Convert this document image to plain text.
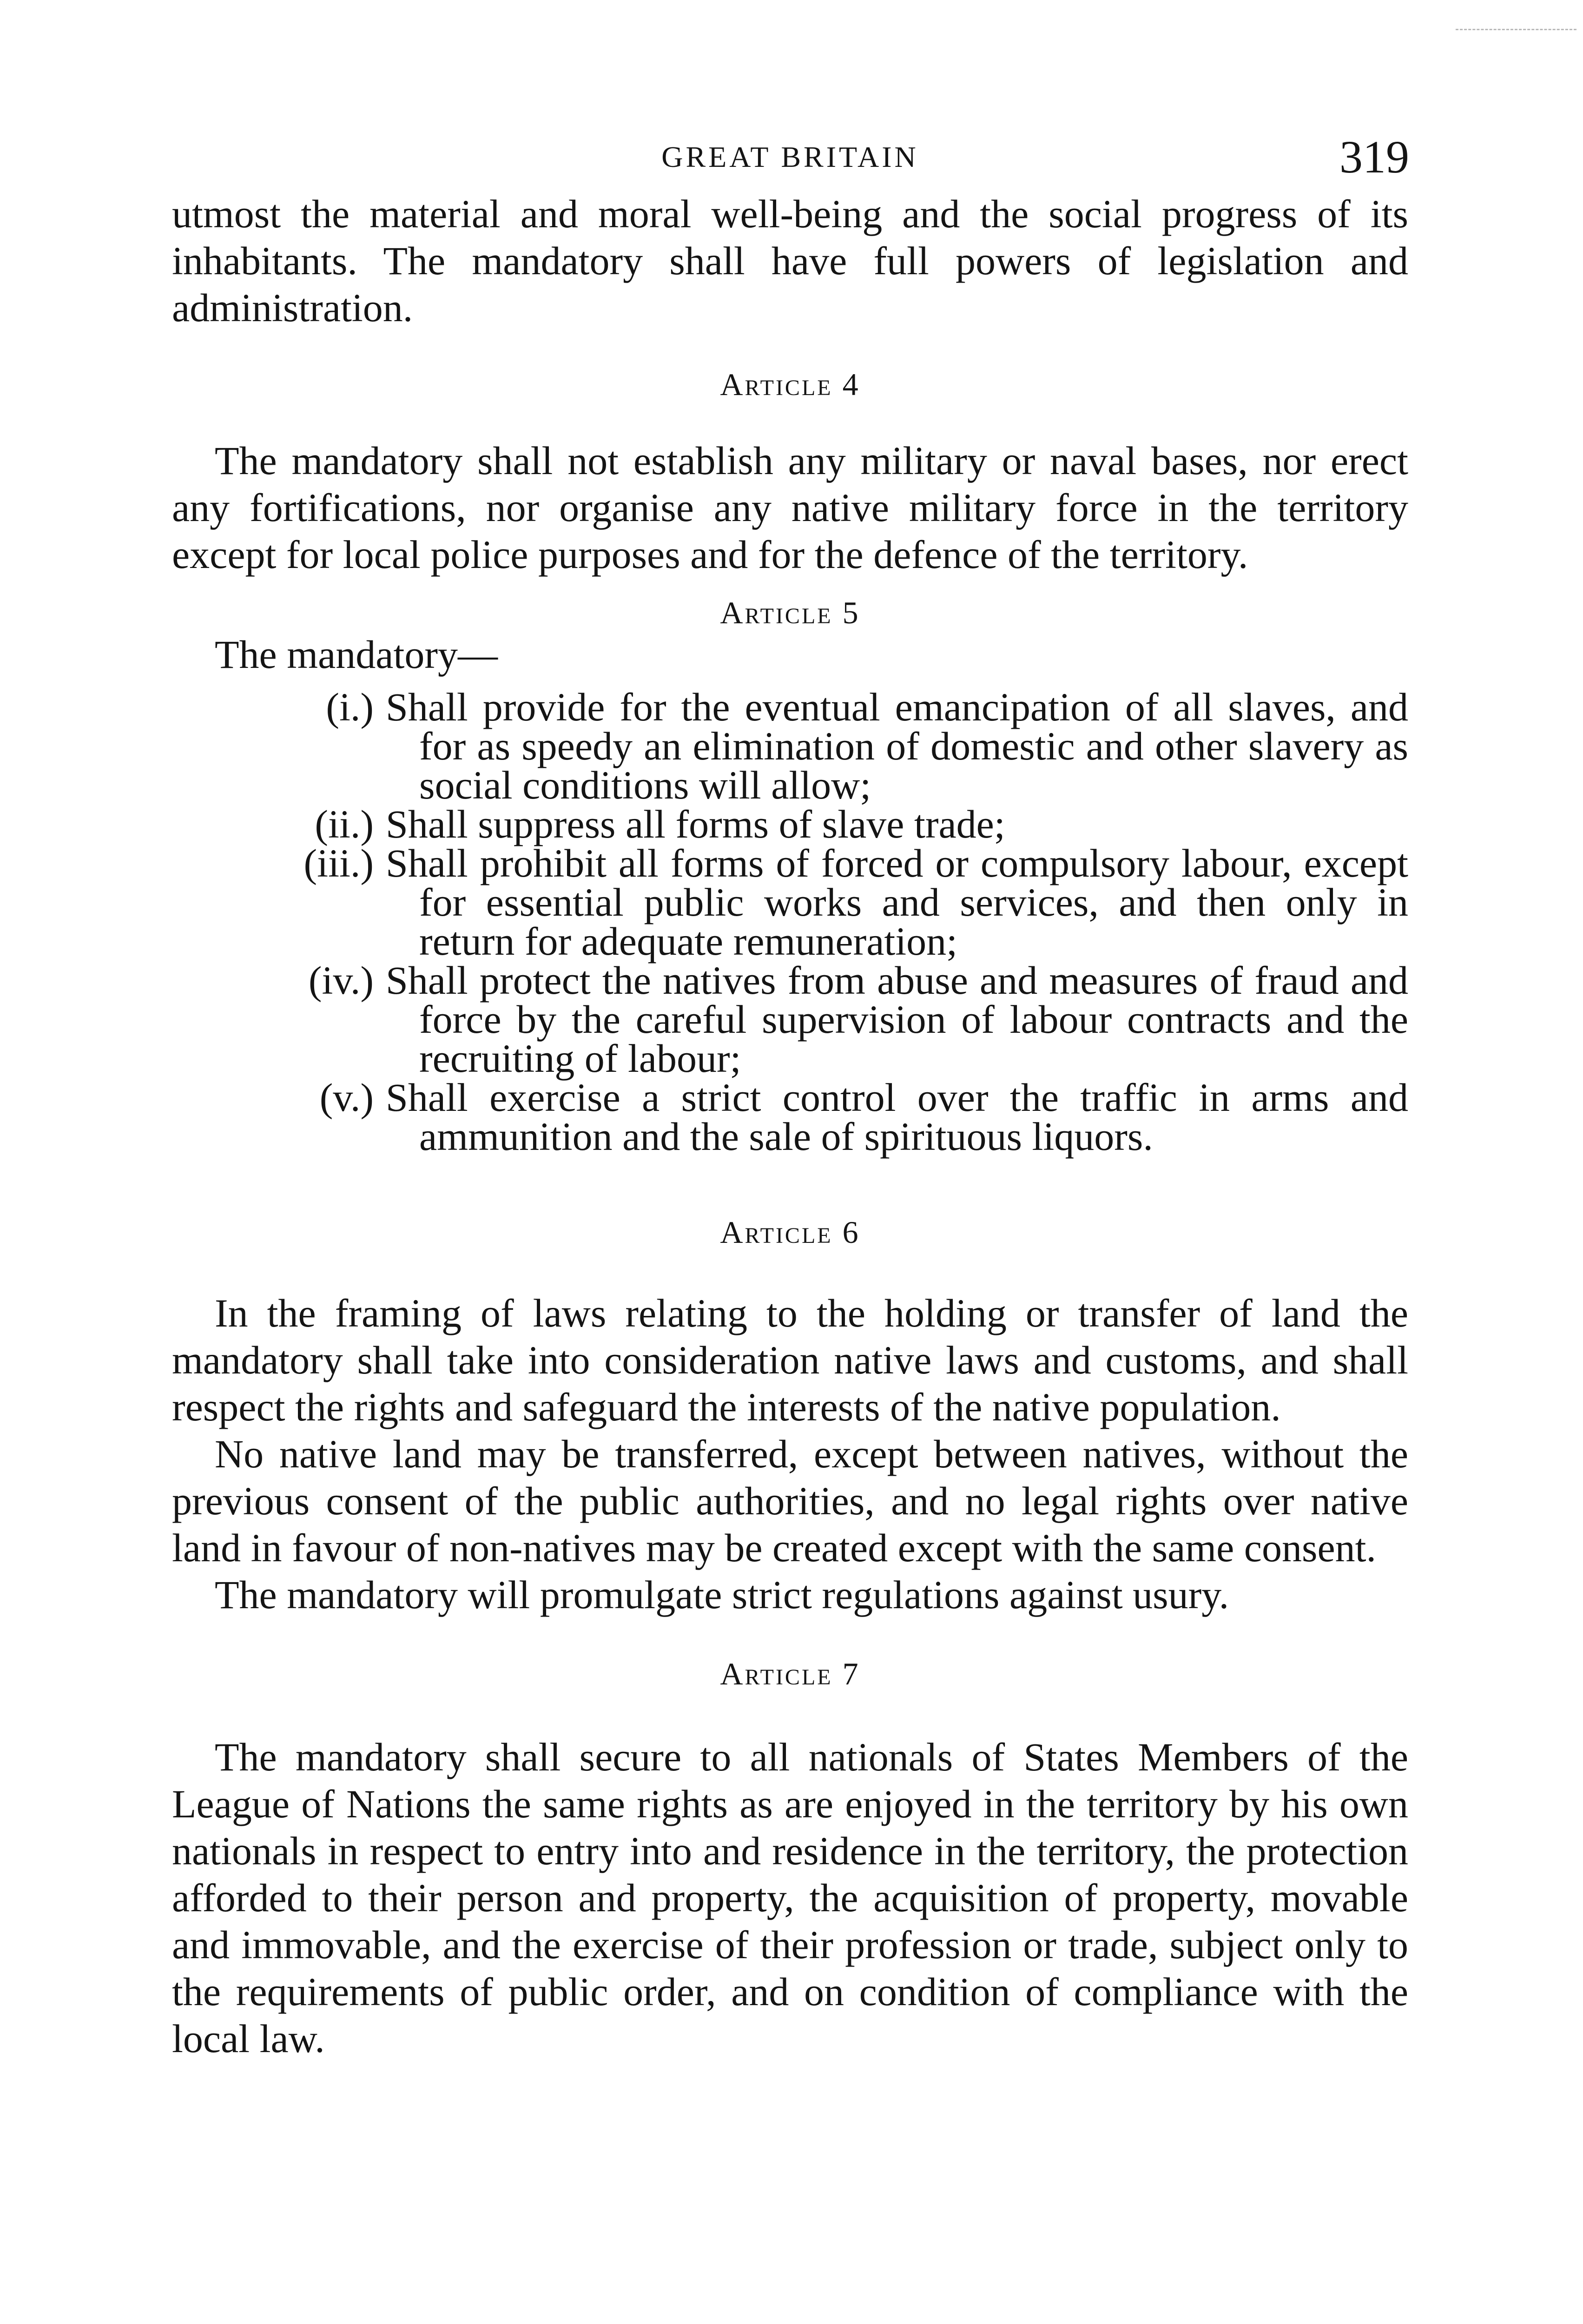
GREAT BRITAIN	319

utmost the material and moral well-being and the social progress of its inhabitants. The mandatory shall have full powers of legislation and administration.

Article 4

The mandatory shall not establish any military or naval bases, nor erect any fortifications, nor organise any native military force in the territory except for local police purposes and for the defence of the territory.

Article 5

The mandatory—

(i.) Shall provide for the eventual emancipation of all slaves, and for as speedy an elimination of domestic and other slavery as social conditions will allow;
(ii.) Shall suppress all forms of slave trade;
(iii.) Shall prohibit all forms of forced or compulsory labour, except for essential public works and services, and then only in return for adequate remuneration;
(iv.) Shall protect the natives from abuse and measures of fraud and force by the careful supervision of labour contracts and the recruiting of labour;
(v.) Shall exercise a strict control over the traffic in arms and ammunition and the sale of spirituous liquors.
Article 6

In the framing of laws relating to the holding or transfer of land the mandatory shall take into consideration native laws and customs, and shall respect the rights and safeguard the interests of the native population.

No native land may be transferred, except between natives, without the previous consent of the public authorities, and no legal rights over native land in favour of non-natives may be created except with the same consent.

The mandatory will promulgate strict regulations against usury.

Article 7

The mandatory shall secure to all nationals of States Members of the League of Nations the same rights as are enjoyed in the territory by his own nationals in respect to entry into and residence in the territory, the protection afforded to their person and property, the acquisition of property, movable and immovable, and the exercise of their profession or trade, subject only to the requirements of public order, and on condition of compliance with the local law.
